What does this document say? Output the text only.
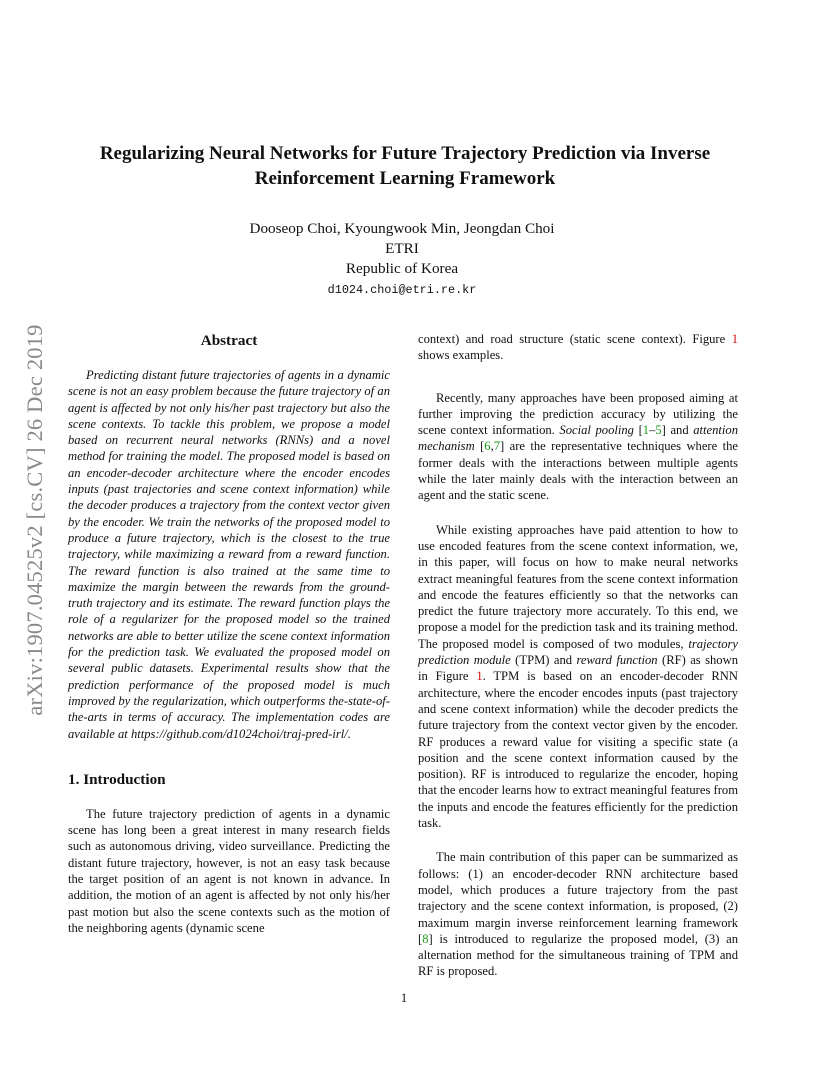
arXiv:1907.04525v2 [cs.CV] 26 Dec 2019
Regularizing Neural Networks for Future Trajectory Prediction via Inverse
Reinforcement Learning Framework
Dooseop Choi, Kyoungwook Min, Jeongdan Choi
ETRI
Republic of Korea
d1024.choi@etri.re.kr
Abstract

Predicting distant future trajectories of agents in a dynamic scene is not an easy problem because the future trajectory of an agent is affected by not only his/her past trajectory but also the scene contexts. To tackle this problem, we propose a model based on recurrent neural networks (RNNs) and a novel method for training the model. The proposed model is based on an encoder-decoder architecture where the encoder encodes inputs (past trajectories and scene context information) while the decoder produces a trajectory from the context vector given by the encoder. We train the networks of the proposed model to produce a future trajectory, which is the closest to the true trajectory, while maximizing a reward from a reward function. The reward function is also trained at the same time to maximize the margin between the rewards from the ground-truth trajectory and its estimate. The reward function plays the role of a regularizer for the proposed model so the trained networks are able to better utilize the scene context information for the prediction task. We evaluated the proposed model on several public datasets. Experimental results show that the prediction performance of the proposed model is much improved by the regularization, which outperforms the-state-of-the-arts in terms of accuracy. The implementation codes are available at https://github.com/d1024choi/traj-pred-irl/.

1. Introduction

The future trajectory prediction of agents in a dynamic scene has long been a great interest in many research fields such as autonomous driving, video surveillance. Predicting the distant future trajectory, however, is not an easy task because the target position of an agent is not known in advance. In addition, the motion of an agent is affected by not only his/her past motion but also the scene contexts such as the motion of the neighboring agents (dynamic scene

context) and road structure (static scene context). Figure 1 shows examples.

Recently, many approaches have been proposed aiming at further improving the prediction accuracy by utilizing the scene context information. Social pooling [1–5] and attention mechanism [6,7] are the representative techniques where the former deals with the interactions between multiple agents while the later mainly deals with the interaction between an agent and the static scene.

While existing approaches have paid attention to how to use encoded features from the scene context information, we, in this paper, will focus on how to make neural networks extract meaningful features from the scene context information and encode the features efficiently so that the networks can predict the future trajectory more accurately. To this end, we propose a model for the prediction task and its training method. The proposed model is composed of two modules, trajectory prediction module (TPM) and reward function (RF) as shown in Figure 1. TPM is based on an encoder-decoder RNN architecture, where the encoder encodes inputs (past trajectory and scene context information) while the decoder predicts the future trajectory from the context vector given by the encoder. RF produces a reward value for visiting a specific state (a position and the scene context information caused by the position). RF is introduced to regularize the encoder, hoping that the encoder learns how to extract meaningful features from the inputs and encode the features efficiently for the prediction task.

The main contribution of this paper can be summarized as follows: (1) an encoder-decoder RNN architecture based model, which produces a future trajectory from the past trajectory and the scene context information, is proposed, (2) maximum margin inverse reinforcement learning framework [8] is introduced to regularize the proposed model, (3) an alternation method for the simultaneous training of TPM and RF is proposed.

1
